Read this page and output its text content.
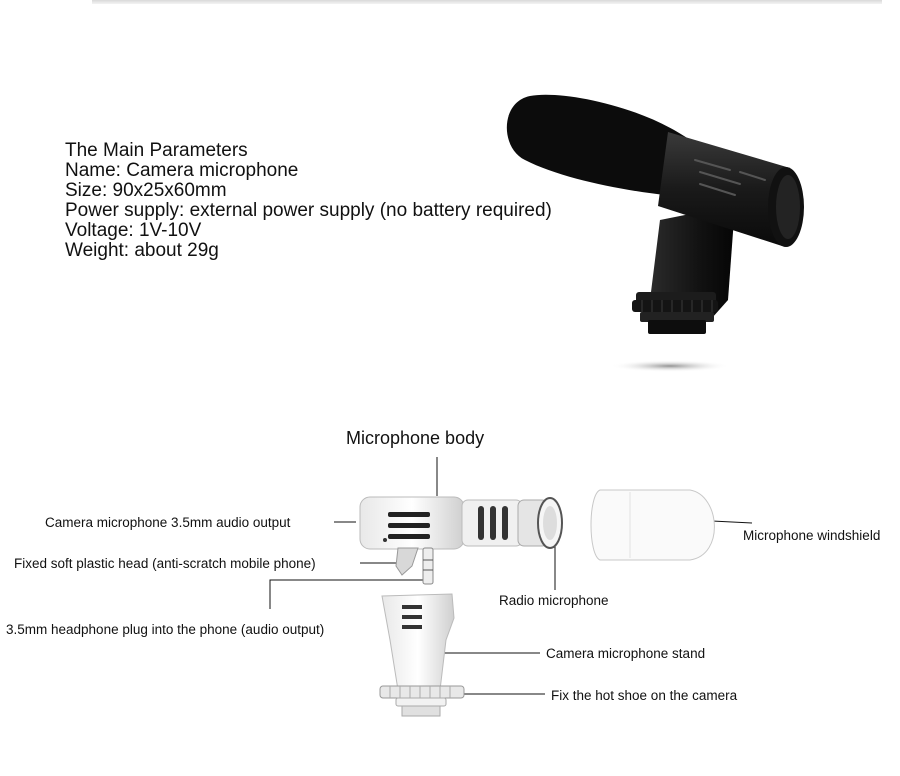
The Main Parameters
Name: Camera microphone
Size: 90x25x60mm
Power supply: external power supply (no battery required)
Voltage: 1V-10V
Weight: about 29g
Microphone body
Camera microphone 3.5mm audio output
Fixed soft plastic head (anti-scratch mobile phone)
3.5mm headphone plug into the phone (audio output)
Radio microphone
Microphone windshield
Camera microphone stand
Fix the hot shoe on the camera
